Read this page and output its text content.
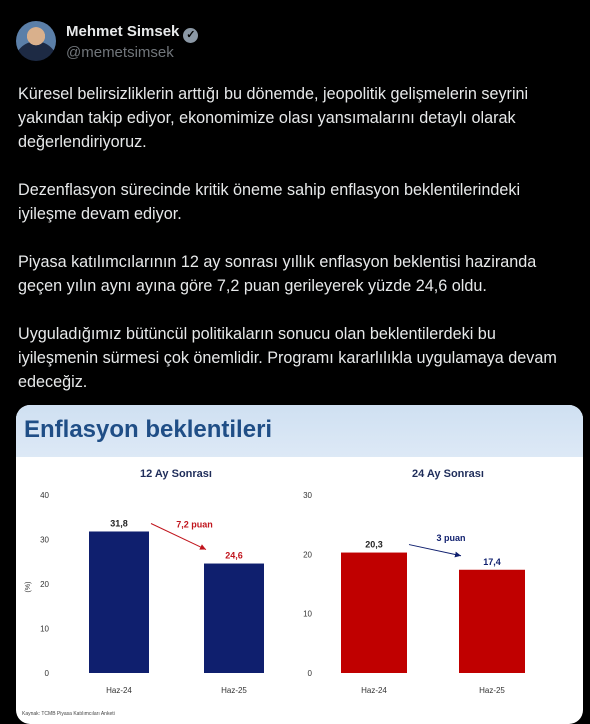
Mehmet Simsek ✓
@memetsimsek

Küresel belirsizliklerin arttığı bu dönemde, jeopolitik gelişmelerin seyrini yakından takip ediyor, ekonomimize olası yansımalarını detaylı olarak değerlendiriyoruz.

Dezenflasyon sürecinde kritik öneme sahip enflasyon beklentilerindeki iyileşme devam ediyor.

Piyasa katılımcılarının 12 ay sonrası yıllık enflasyon beklentisi haziranda geçen yılın aynı ayına göre 7,2 puan gerileyerek yüzde 24,6 oldu.

Uyguladığımız bütüncül politikaların sonucu olan beklentilerdeki bu iyileşmenin sürmesi çok önemlidir. Programı kararlılıkla uygulamaya devam edeceğiz.

Enflasyon beklentileri
12 Ay Sonrası
(%)
0
10
20
30
40
31,8
Haz-24
24,6
Haz-25
7,2 puan
24 Ay Sonrası
0
10
20
30
20,3
Haz-24
17,4
Haz-25
3 puan
Kaynak: TCMB Piyasa Katılımcıları Anketi
